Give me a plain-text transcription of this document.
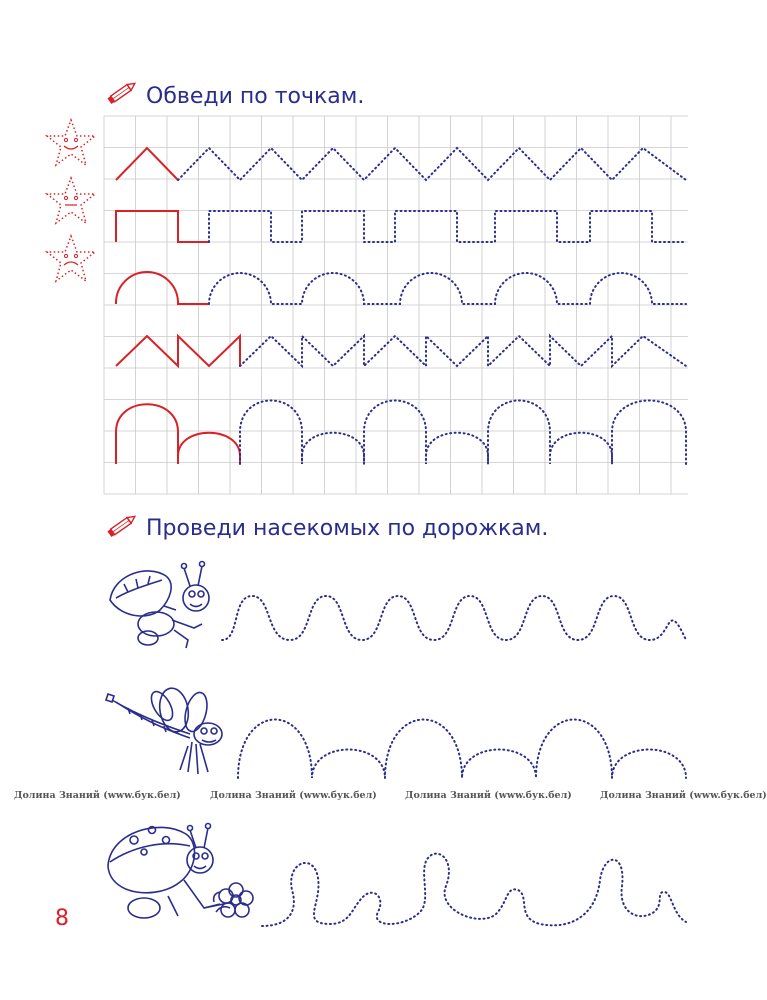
Обведи по точкам.
Проведи насекомых по дорожкам.
Долина Знаний (www.бук.бел)	Долина Знаний (www.бук.бел)	Долина Знаний (www.бук.бел)	Долина Знаний (www.бук.бел)
8
